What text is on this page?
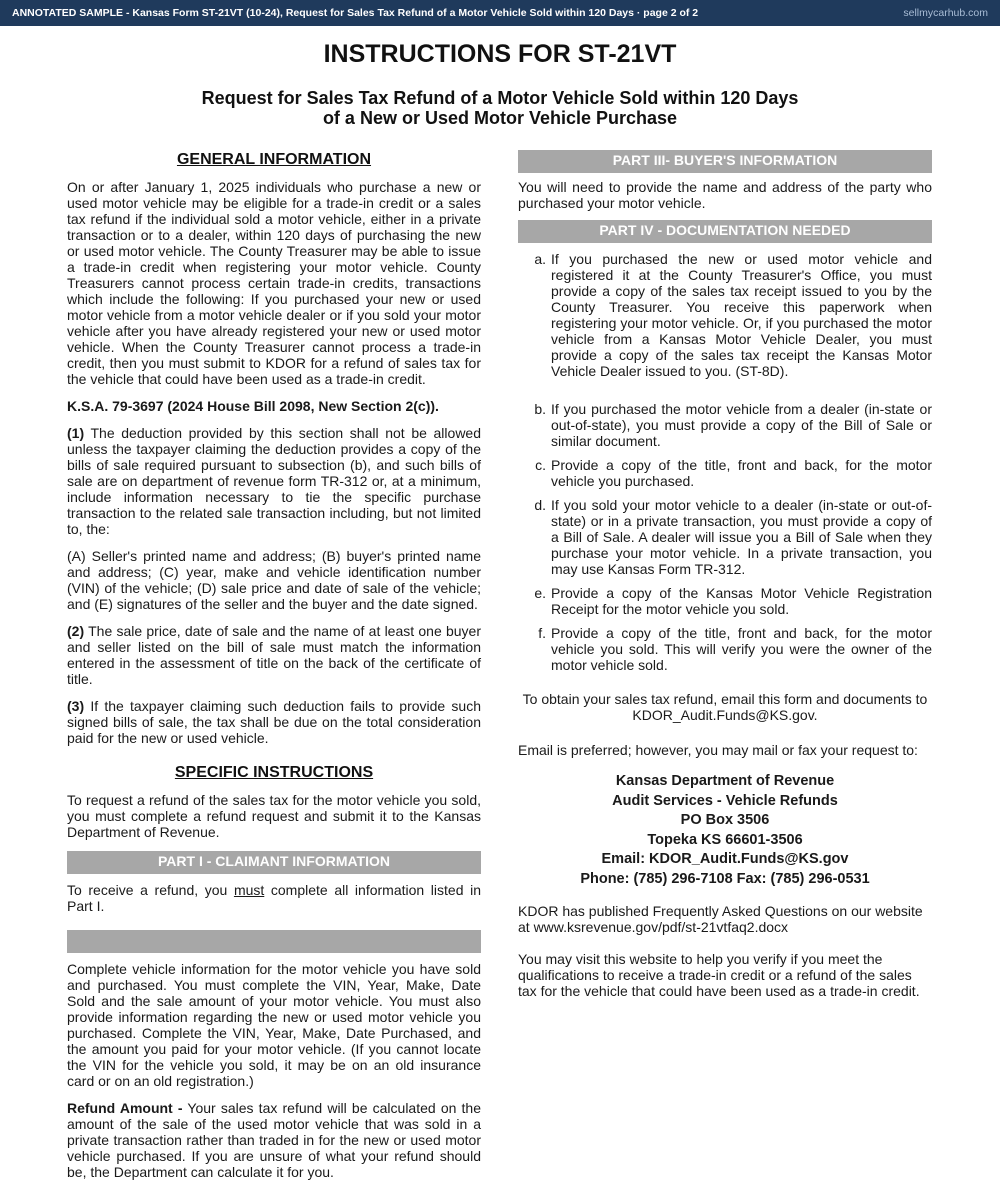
ANNOTATED SAMPLE - Kansas Form ST-21VT (10-24), Request for Sales Tax Refund of a Motor Vehicle Sold within 120 Days · page 2 of 2	sellmycarhub.com
INSTRUCTIONS FOR ST-21VT
Request for Sales Tax Refund of a Motor Vehicle Sold within 120 Days
of a New or Used Motor Vehicle Purchase
GENERAL INFORMATION

On or after January 1, 2025 individuals who purchase a new or used motor vehicle may be eligible for a trade-in credit or a sales tax refund if the individual sold a motor vehicle, either in a private transaction or to a dealer, within 120 days of purchasing the new or used motor vehicle. The County Treasurer may be able to issue a trade-in credit when registering your motor vehicle. County Treasurers cannot process certain trade-in credits, transactions which include the following: If you purchased your new or used motor vehicle from a motor vehicle dealer or if you sold your motor vehicle after you have already registered your new or used motor vehicle. When the County Treasurer cannot process a trade-in credit, then you must submit to KDOR for a refund of sales tax for the vehicle that could have been used as a trade-in credit.

K.S.A. 79-3697 (2024 House Bill 2098, New Section 2(c)).

(1) The deduction provided by this section shall not be allowed unless the taxpayer claiming the deduction provides a copy of the bills of sale required pursuant to subsection (b), and such bills of sale are on department of revenue form TR-312 or, at a minimum, include information necessary to tie the specific purchase transaction to the related sale transaction including, but not limited to, the:

(A) Seller's printed name and address; (B) buyer's printed name and address; (C) year, make and vehicle identification number (VIN) of the vehicle; (D) sale price and date of sale of the vehicle; and (E) signatures of the seller and the buyer and the date signed.

(2) The sale price, date of sale and the name of at least one buyer and seller listed on the bill of sale must match the information entered in the assessment of title on the back of the certificate of title.

(3) If the taxpayer claiming such deduction fails to provide such signed bills of sale, the tax shall be due on the total consideration paid for the new or used vehicle.

SPECIFIC INSTRUCTIONS

To request a refund of the sales tax for the motor vehicle you sold, you must complete a refund request and submit it to the Kansas Department of Revenue.

PART I - CLAIMANT INFORMATION

To receive a refund, you must complete all information listed in Part I.

Complete vehicle information for the motor vehicle you have sold and purchased. You must complete the VIN, Year, Make, Date Sold and the sale amount of your motor vehicle. You must also provide information regarding the new or used motor vehicle you purchased. Complete the VIN, Year, Make, Date Purchased, and the amount you paid for your motor vehicle. (If you cannot locate the VIN for the vehicle you sold, it may be on an old insurance card or on an old registration.)

Refund Amount - Your sales tax refund will be calculated on the amount of the sale of the used motor vehicle that was sold in a private transaction rather than traded in for the new or used motor vehicle purchased. If you are unsure of what your refund should be, the Department can calculate it for you.

PART III- BUYER'S INFORMATION

You will need to provide the name and address of the party who purchased your motor vehicle.

PART IV - DOCUMENTATION NEEDED
a. If you purchased the new or used motor vehicle and registered it at the County Treasurer's Office, you must provide a copy of the sales tax receipt issued to you by the County Treasurer. You receive this paperwork when registering your motor vehicle. Or, if you purchased the motor vehicle from a Kansas Motor Vehicle Dealer, you must provide a copy of the sales tax receipt the Kansas Motor Vehicle Dealer issued to you. (ST-8D).
b. If you purchased the motor vehicle from a dealer (in-state or out-of-state), you must provide a copy of the Bill of Sale or similar document.
c. Provide a copy of the title, front and back, for the motor vehicle you purchased.
d. If you sold your motor vehicle to a dealer (in-state or out-of-state) or in a private transaction, you must provide a copy of a Bill of Sale. A dealer will issue you a Bill of Sale when they purchase your motor vehicle. In a private transaction, you may use Kansas Form TR-312.
e. Provide a copy of the Kansas Motor Vehicle Registration Receipt for the motor vehicle you sold.
f. Provide a copy of the title, front and back, for the motor vehicle you sold. This will verify you were the owner of the motor vehicle sold.
To obtain your sales tax refund, email this form and documents to
KDOR_Audit.Funds@KS.gov.

Email is preferred; however, you may mail or fax your request to:

Kansas Department of Revenue
Audit Services - Vehicle Refunds
PO Box 3506
Topeka KS 66601-3506
Email: KDOR_Audit.Funds@KS.gov
Phone: (785) 296-7108 Fax: (785) 296-0531

KDOR has published Frequently Asked Questions on our website at www.ksrevenue.gov/pdf/st-21vtfaq2.docx

You may visit this website to help you verify if you meet the qualifications to receive a trade-in credit or a refund of the sales tax for the vehicle that could have been used as a trade-in credit.
